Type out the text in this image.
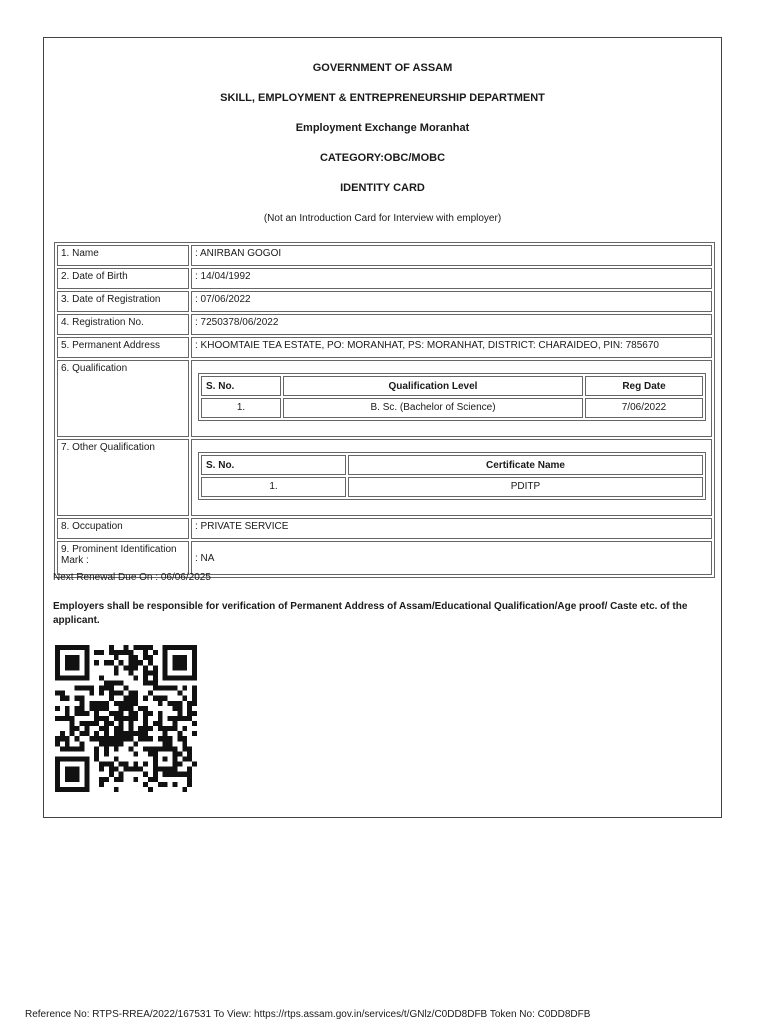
GOVERNMENT OF ASSAM
SKILL, EMPLOYMENT & ENTREPRENEURSHIP DEPARTMENT
Employment Exchange Moranhat
CATEGORY:OBC/MOBC
IDENTITY CARD
(Not an Introduction Card for Interview with employer)
1. Name	: ANIRBAN GOGOI
2. Date of Birth	: 14/04/1992
3. Date of Registration	: 07/06/2022
4. Registration No.	: 7250378/06/2022
5. Permanent Address	: KHOOMTAIE TEA ESTATE, PO: MORANHAT, PS: MORANHAT, DISTRICT: CHARAIDEO, PIN: 785670
6. Qualification	
S. No.	Qualification Level	Reg Date
1.	B. Sc. (Bachelor of Science)	7/06/2022

7. Other Qualification	
S. No.	Certificate Name
1.	PDITP

8. Occupation	: PRIVATE SERVICE
9. Prominent Identification Mark :	: NA
Next Renewal Due On : 06/06/2025
Employers shall be responsible for verification of Permanent Address of Assam/Educational Qualification/Age proof/ Caste etc. of the applicant.
Reference No: RTPS-RREA/2022/167531 To View: https://rtps.assam.gov.in/services/t/GNlz/C0DD8DFB Token No: C0DD8DFB
